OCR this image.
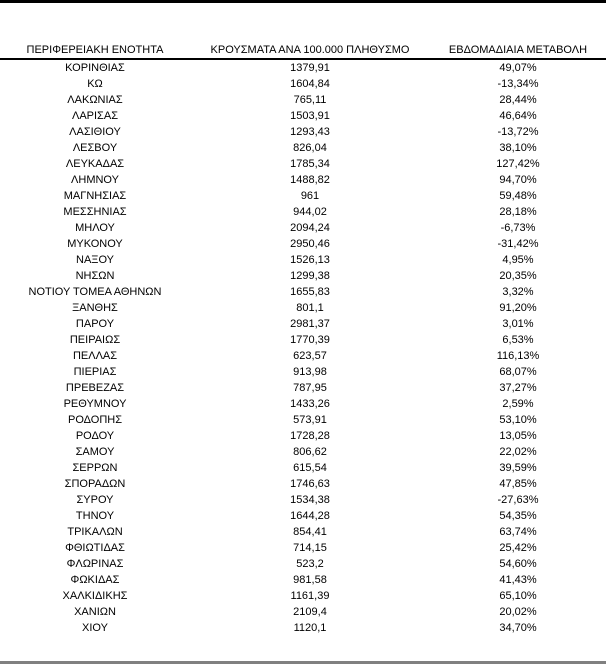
ΠΕΡΙΦΕΡΕΙΑΚΗ ΕΝΟΤΗΤΑ	ΚΡΟΥΣΜΑΤΑ ΑΝΑ 100.000 ΠΛΗΘΥΣΜΟ	ΕΒΔΟΜΑΔΙΑΙΑ ΜΕΤΑΒΟΛΗ
ΚΟΡΙΝΘΙΑΣ	1379,91	49,07%
ΚΩ	1604,84	-13,34%
ΛΑΚΩΝΙΑΣ	765,11	28,44%
ΛΑΡΙΣΑΣ	1503,91	46,64%
ΛΑΣΙΘΙΟΥ	1293,43	-13,72%
ΛΕΣΒΟΥ	826,04	38,10%
ΛΕΥΚΑΔΑΣ	1785,34	127,42%
ΛΗΜΝΟΥ	1488,82	94,70%
ΜΑΓΝΗΣΙΑΣ	961	59,48%
ΜΕΣΣΗΝΙΑΣ	944,02	28,18%
ΜΗΛΟΥ	2094,24	-6,73%
ΜΥΚΟΝΟΥ	2950,46	-31,42%
ΝΑΞΟΥ	1526,13	4,95%
ΝΗΣΩΝ	1299,38	20,35%
ΝΟΤΙΟΥ ΤΟΜΕΑ ΑΘΗΝΩΝ	1655,83	3,32%
ΞΑΝΘΗΣ	801,1	91,20%
ΠΑΡΟΥ	2981,37	3,01%
ΠΕΙΡΑΙΩΣ	1770,39	6,53%
ΠΕΛΛΑΣ	623,57	116,13%
ΠΙΕΡΙΑΣ	913,98	68,07%
ΠΡΕΒΕΖΑΣ	787,95	37,27%
ΡΕΘΥΜΝΟΥ	1433,26	2,59%
ΡΟΔΟΠΗΣ	573,91	53,10%
ΡΟΔΟΥ	1728,28	13,05%
ΣΑΜΟΥ	806,62	22,02%
ΣΕΡΡΩΝ	615,54	39,59%
ΣΠΟΡΑΔΩΝ	1746,63	47,85%
ΣΥΡΟΥ	1534,38	-27,63%
ΤΗΝΟΥ	1644,28	54,35%
ΤΡΙΚΑΛΩΝ	854,41	63,74%
ΦΘΙΩΤΙΔΑΣ	714,15	25,42%
ΦΛΩΡΙΝΑΣ	523,2	54,60%
ΦΩΚΙΔΑΣ	981,58	41,43%
ΧΑΛΚΙΔΙΚΗΣ	1161,39	65,10%
ΧΑΝΙΩΝ	2109,4	20,02%
ΧΙΟΥ	1120,1	34,70%
